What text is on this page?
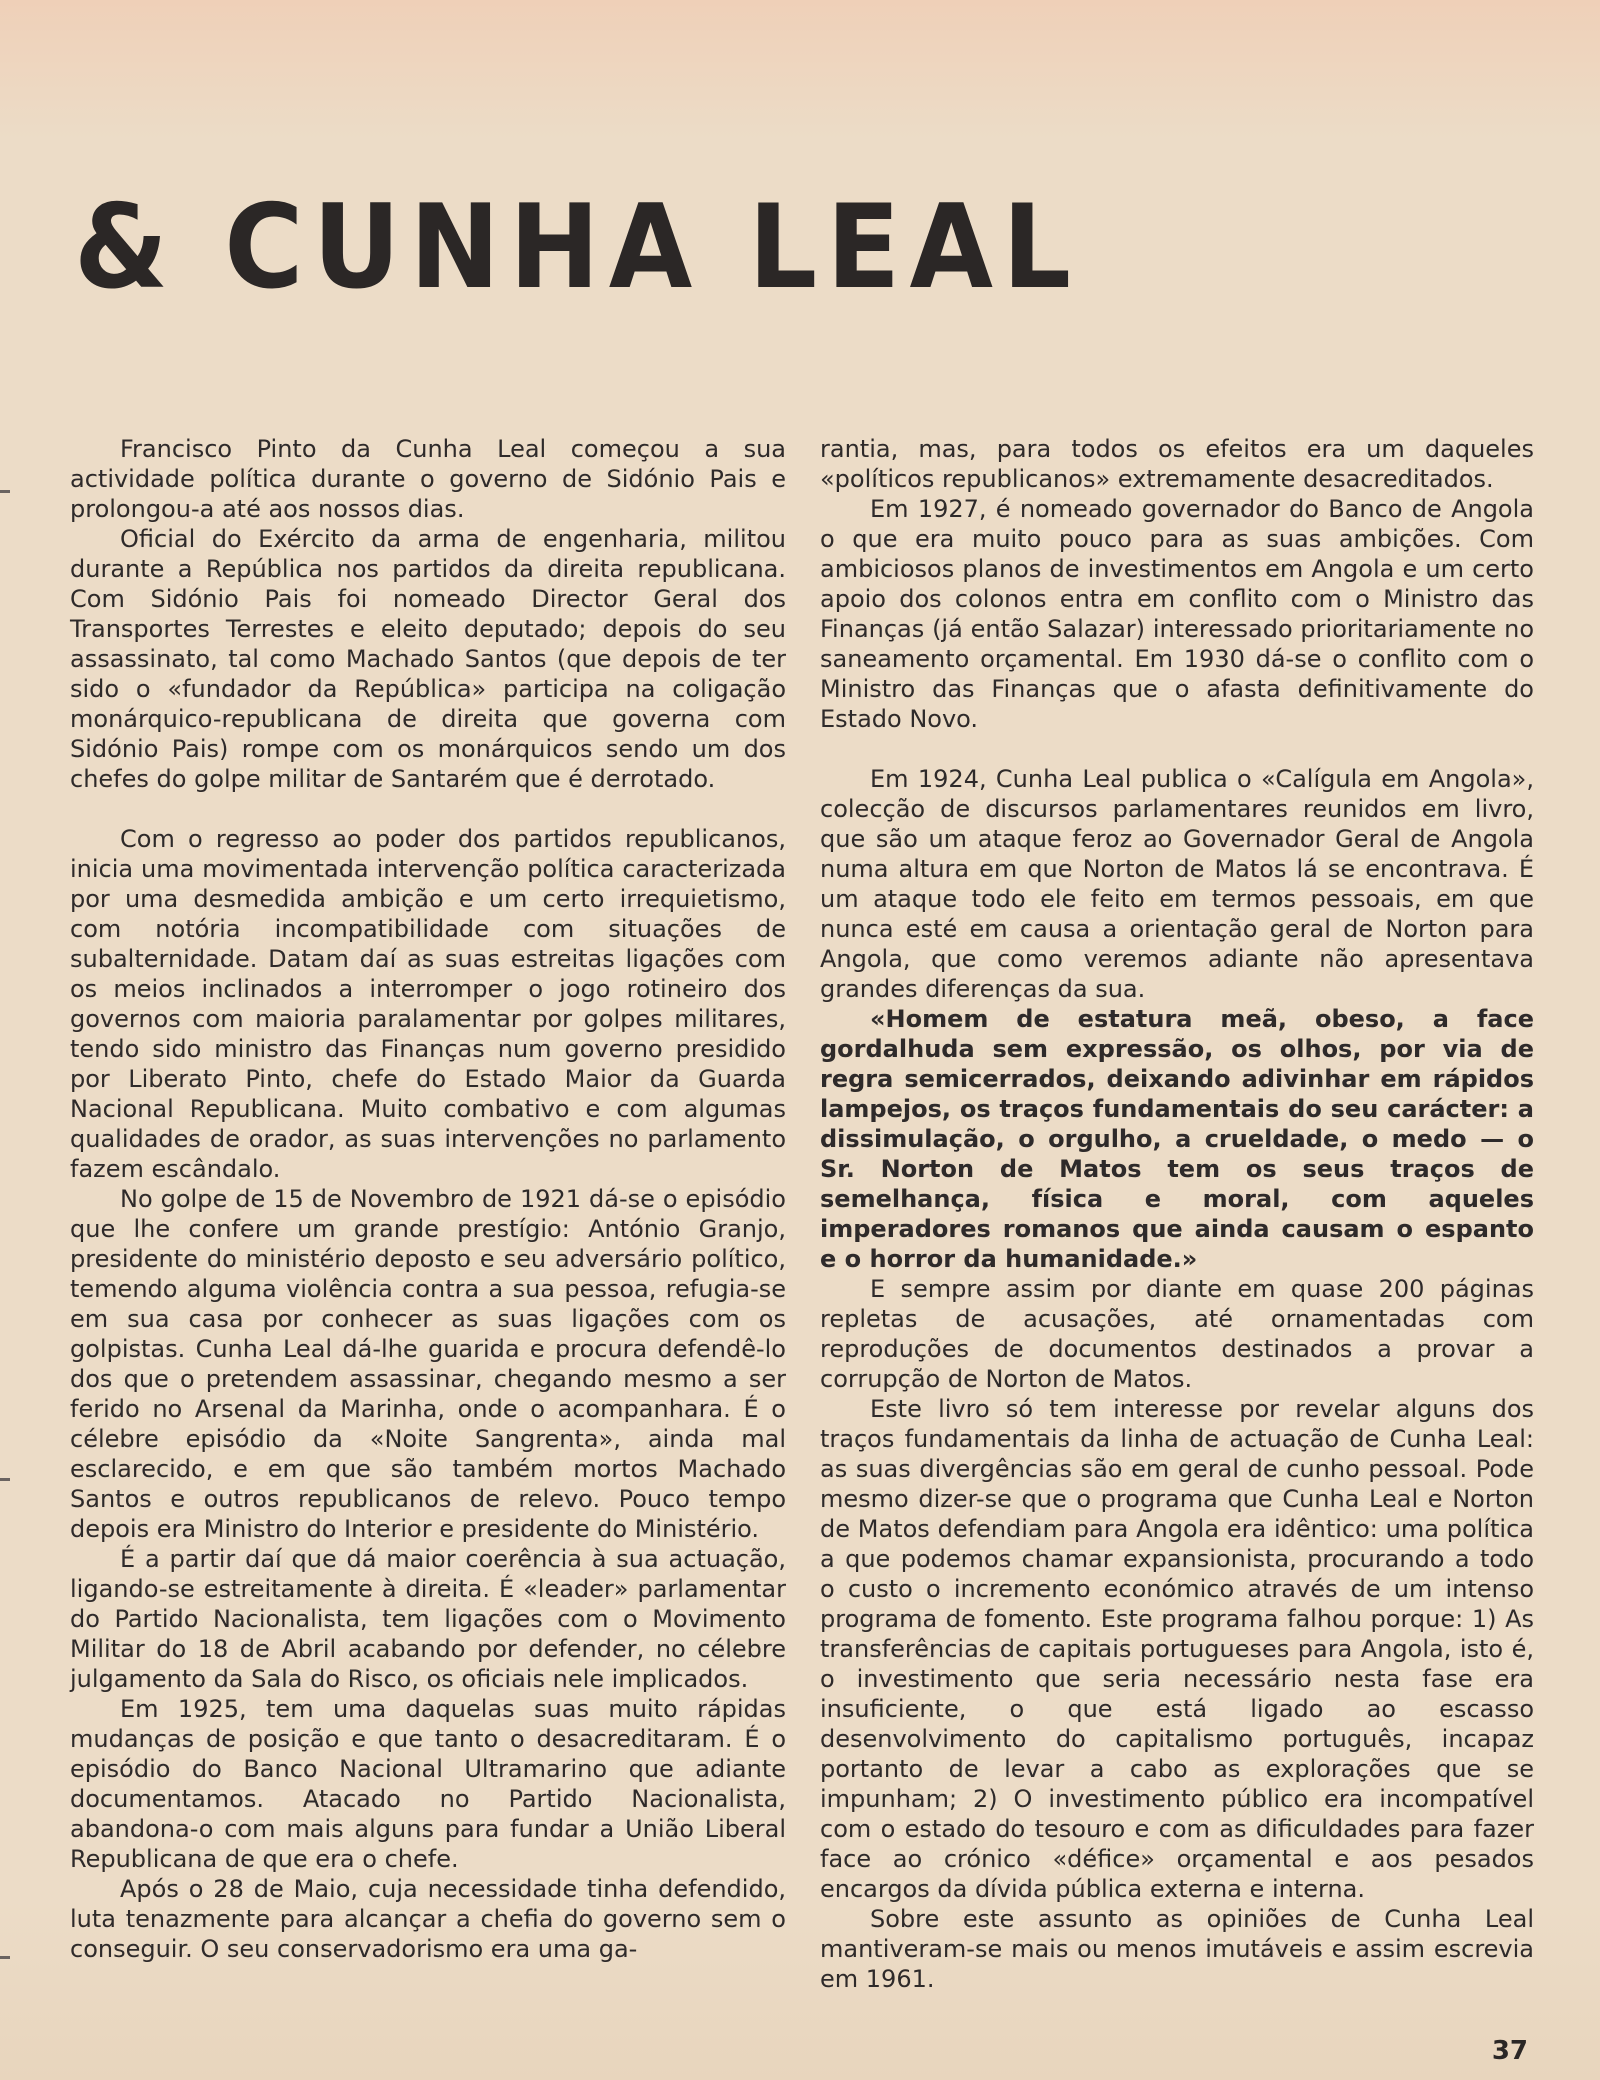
& CUNHA LEAL

Francisco Pinto da Cunha Leal começou a sua actividade política durante o governo de Sidónio Pais e prolongou-a até aos nossos dias.

Oficial do Exército da arma de engenharia, militou durante a República nos partidos da direita republicana. Com Sidónio Pais foi nomeado Director Geral dos Transportes Terrestes e eleito deputado; depois do seu assassinato, tal como Machado Santos (que depois de ter sido o «fundador da República» participa na coligação monárquico-republicana de direita que governa com Sidónio Pais) rompe com os monárquicos sendo um dos chefes do golpe militar de Santarém que é derrotado.

Com o regresso ao poder dos partidos republicanos, inicia uma movimentada intervenção política caracterizada por uma desmedida ambição e um certo irrequietismo, com notória incompatibilidade com situações de subalternidade. Datam daí as suas estreitas ligações com os meios inclinados a interromper o jogo rotineiro dos governos com maioria paralamentar por golpes militares, tendo sido ministro das Finanças num governo presidido por Liberato Pinto, chefe do Estado Maior da Guarda Nacional Republicana. Muito combativo e com algumas qualidades de orador, as suas intervenções no parlamento fazem escândalo.

No golpe de 15 de Novembro de 1921 dá-se o episódio que lhe confere um grande prestígio: António Granjo, presidente do ministério deposto e seu adversário político, temendo alguma violência contra a sua pessoa, refugia-se em sua casa por conhecer as suas ligações com os golpistas. Cunha Leal dá-lhe guarida e procura defendê-lo dos que o pretendem assassinar, chegando mesmo a ser ferido no Arsenal da Marinha, onde o acompanhara. É o célebre episódio da «Noite Sangrenta», ainda mal esclarecido, e em que são também mortos Machado Santos e outros republicanos de relevo. Pouco tempo depois era Ministro do Interior e presidente do Ministério.

É a partir daí que dá maior coerência à sua actuação, ligando-se estreitamente à direita. É «leader» parlamentar do Partido Nacionalista, tem ligações com o Movimento Militar do 18 de Abril acabando por defender, no célebre julgamento da Sala do Risco, os oficiais nele implicados.

Em 1925, tem uma daquelas suas muito rápidas mudanças de posição e que tanto o desacreditaram. É o episódio do Banco Nacional Ultramarino que adiante documentamos. Atacado no Partido Nacionalista, abandona-o com mais alguns para fundar a União Liberal Republicana de que era o chefe.

Após o 28 de Maio, cuja necessidade tinha defendido, luta tenazmente para alcançar a chefia do governo sem o conseguir. O seu conservadorismo era uma ga-

rantia, mas, para todos os efeitos era um daqueles «políticos republicanos» extremamente desacreditados.

Em 1927, é nomeado governador do Banco de Angola o que era muito pouco para as suas ambições. Com ambiciosos planos de investimentos em Angola e um certo apoio dos colonos entra em conflito com o Ministro das Finanças (já então Salazar) interessado prioritariamente no saneamento orçamental. Em 1930 dá-se o conflito com o Ministro das Finanças que o afasta definitivamente do Estado Novo.

Em 1924, Cunha Leal publica o «Calígula em Angola», colecção de discursos parlamentares reunidos em livro, que são um ataque feroz ao Governador Geral de Angola numa altura em que Norton de Matos lá se encontrava. É um ataque todo ele feito em termos pessoais, em que nunca esté em causa a orientação geral de Norton para Angola, que como veremos adiante não apresentava grandes diferenças da sua.

«Homem de estatura meã, obeso, a face gordalhuda sem expressão, os olhos, por via de regra semicerrados, deixando adivinhar em rápidos lampejos, os traços fundamentais do seu carácter: a dissimulação, o orgulho, a crueldade, o medo — o Sr. Norton de Matos tem os seus traços de semelhança, física e moral, com aqueles imperadores romanos que ainda causam o espanto e o horror da humanidade.»

E sempre assim por diante em quase 200 páginas repletas de acusações, até ornamentadas com reproduções de documentos destinados a provar a corrupção de Norton de Matos.

Este livro só tem interesse por revelar alguns dos traços fundamentais da linha de actuação de Cunha Leal: as suas divergências são em geral de cunho pessoal. Pode mesmo dizer-se que o programa que Cunha Leal e Norton de Matos defendiam para Angola era idêntico: uma política a que podemos chamar expansionista, procurando a todo o custo o incremento económico através de um intenso programa de fomento. Este programa falhou porque: 1) As transferências de capitais portugueses para Angola, isto é, o investimento que seria necessário nesta fase era insuficiente, o que está ligado ao escasso desenvolvimento do capitalismo português, incapaz portanto de levar a cabo as explorações que se impunham; 2) O investimento público era incompatível com o estado do tesouro e com as dificuldades para fazer face ao crónico «défice» orçamental e aos pesados encargos da dívida pública externa e interna.

Sobre este assunto as opiniões de Cunha Leal mantiveram-se mais ou menos imutáveis e assim escrevia em 1961.

37
